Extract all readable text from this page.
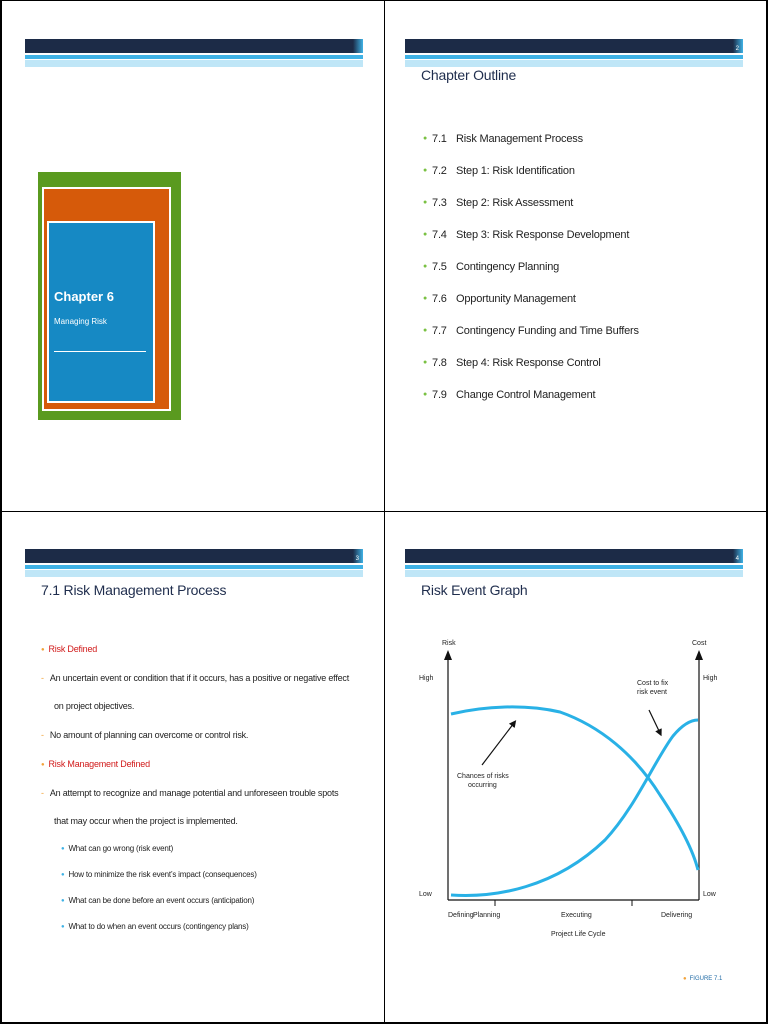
Chapter 6
Managing Risk
2
Chapter Outline
● 7.1 Risk Management Process
● 7.2 Step 1: Risk Identification
● 7.3 Step 2: Risk Assessment
● 7.4 Step 3: Risk Response Development
● 7.5 Contingency Planning
● 7.6 Opportunity Management
● 7.7 Contingency Funding and Time Buffers
● 7.8 Step 4: Risk Response Control
● 7.9 Change Control Management
3
7.1 Risk Management Process
● Risk Defined
- An uncertain event or condition that if it occurs, has a positive or negative effect
on project objectives.
- No amount of planning can overcome or control risk.
● Risk Management Defined
- An attempt to recognize and manage potential and unforeseen trouble spots
that may occur when the project is implemented.
● What can go wrong (risk event)
● How to minimize the risk event’s impact (consequences)
● What can be done before an event occurs (anticipation)
● What to do when an event occurs (contingency plans)
4
Risk Event Graph
Risk	Cost
High	High
Low	Low
Cost to fix
risk event
Chances of risks
occurring
Defining Planning	Executing	Delivering
Project Life Cycle
● FIGURE 7.1
